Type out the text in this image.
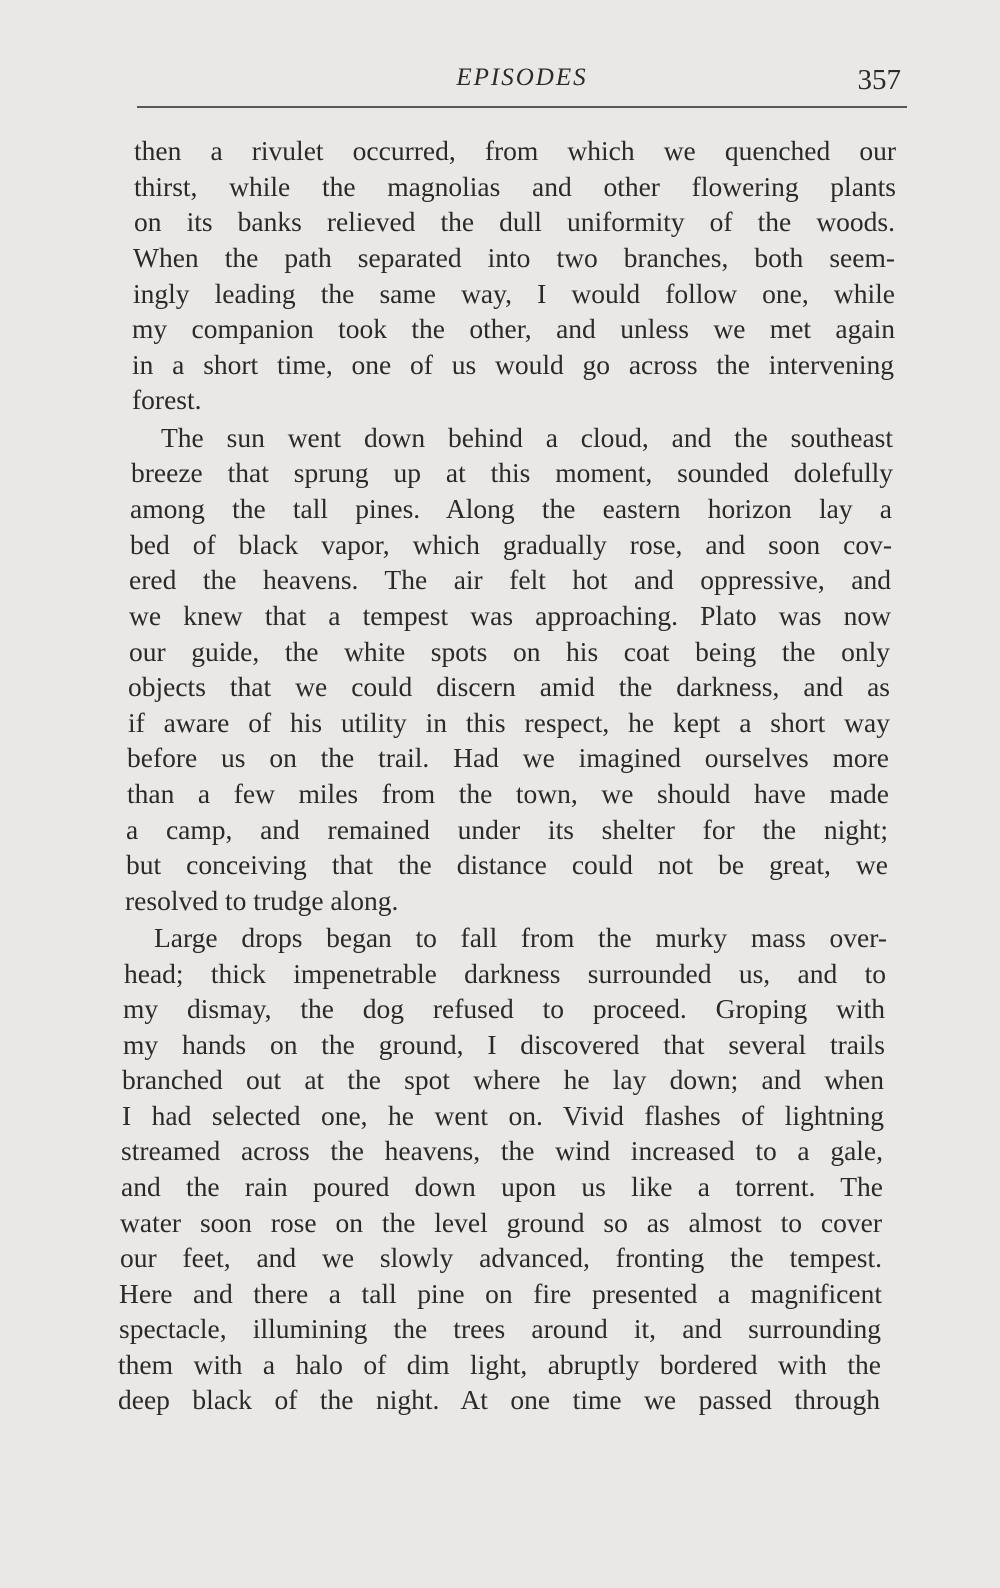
EPISODES	357
then a rivulet occurred, from which we quenched our
thirst, while the magnolias and other flowering plants
on its banks relieved the dull uniformity of the woods.
When the path separated into two branches, both seem-
ingly leading the same way, I would follow one, while
my companion took the other, and unless we met again
in a short time, one of us would go across the intervening
forest.
The sun went down behind a cloud, and the southeast
breeze that sprung up at this moment, sounded dolefully
among the tall pines. Along the eastern horizon lay a
bed of black vapor, which gradually rose, and soon cov-
ered the heavens. The air felt hot and oppressive, and
we knew that a tempest was approaching. Plato was now
our guide, the white spots on his coat being the only
objects that we could discern amid the darkness, and as
if aware of his utility in this respect, he kept a short way
before us on the trail. Had we imagined ourselves more
than a few miles from the town, we should have made
a camp, and remained under its shelter for the night;
but conceiving that the distance could not be great, we
resolved to trudge along.
Large drops began to fall from the murky mass over-
head; thick impenetrable darkness surrounded us, and to
my dismay, the dog refused to proceed. Groping with
my hands on the ground, I discovered that several trails
branched out at the spot where he lay down; and when
I had selected one, he went on. Vivid flashes of lightning
streamed across the heavens, the wind increased to a gale,
and the rain poured down upon us like a torrent. The
water soon rose on the level ground so as almost to cover
our feet, and we slowly advanced, fronting the tempest.
Here and there a tall pine on fire presented a magnificent
spectacle, illumining the trees around it, and surrounding
them with a halo of dim light, abruptly bordered with the
deep black of the night. At one time we passed through
